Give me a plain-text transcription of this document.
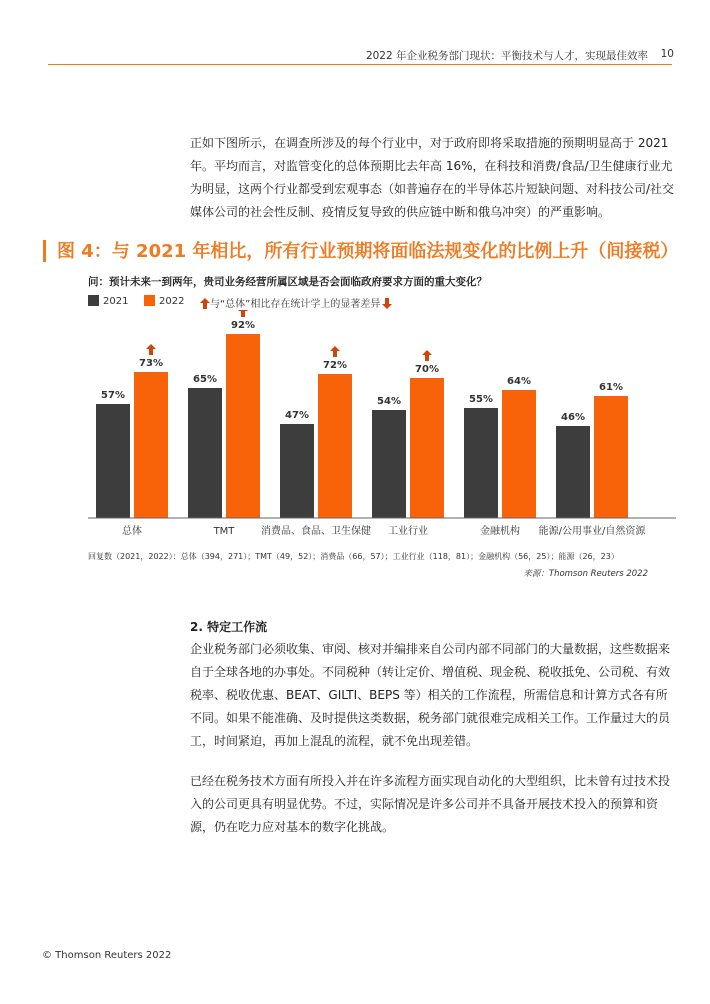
2022 年企业税务部门现状：平衡技术与人才，实现最佳效率 10
正如下图所示，在调查所涉及的每个行业中，对于政府即将采取措施的预期明显高于 2021
年。平均而言，对监管变化的总体预期比去年高 16%，在科技和消费/食品/卫生健康行业尤
为明显，这两个行业都受到宏观事态（如普遍存在的半导体芯片短缺问题、对科技公司/社交
媒体公司的社会性反制、疫情反复导致的供应链中断和俄乌冲突）的严重影响。
图 4：与 2021 年相比，所有行业预期将面临法规变化的比例上升（间接税）
问：预计未来一到两年，贵司业务经营所属区域是否会面临政府要求方面的重大变化？
2021	2022	与“总体”相比存在统计学上的显著差异
57%
73%
65%
92%
47%
72%
54%
70%
55%
64%
46%
61%
总体	TMT	消费品、食品、卫生保健 工业行业	金融机构 能源/公用事业/自然资源
回复数（2021，2022）：总体（394，271）；TMT（49，52）；消费品（66，57）；工业行业（118，81）；金融机构（56，25）；能源（26，23）
来源：Thomson Reuters 2022
2. 特定工作流
企业税务部门必须收集、审阅、核对并编排来自公司内部不同部门的大量数据，这些数据来
自于全球各地的办事处。不同税种（转让定价、增值税、现金税、税收抵免、公司税、有效
税率、税收优惠、BEAT、GILTI、BEPS 等）相关的工作流程，所需信息和计算方式各有所
不同。如果不能准确、及时提供这类数据，税务部门就很难完成相关工作。工作量过大的员
工，时间紧迫，再加上混乱的流程，就不免出现差错。
已经在税务技术方面有所投入并在许多流程方面实现自动化的大型组织，比未曾有过技术投
入的公司更具有明显优势。不过，实际情况是许多公司并不具备开展技术投入的预算和资
源，仍在吃力应对基本的数字化挑战。
© Thomson Reuters 2022
